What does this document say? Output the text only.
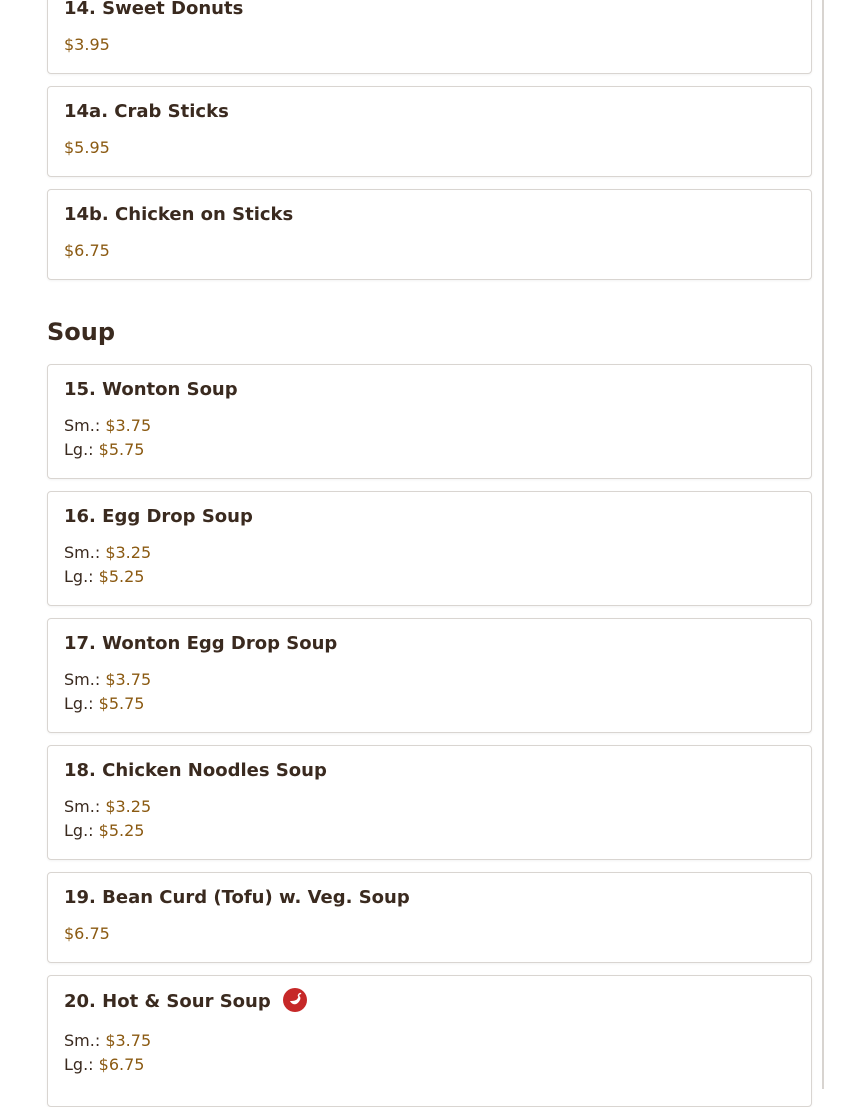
14. Sweet Donuts
$3.95
14a. Crab Sticks
$5.95
14b. Chicken on Sticks
$6.75
Soup
15. Wonton Soup
Sm.: $3.75
Lg.: $5.75
16. Egg Drop Soup
Sm.: $3.25
Lg.: $5.25
17. Wonton Egg Drop Soup
Sm.: $3.75
Lg.: $5.75
18. Chicken Noodles Soup
Sm.: $3.25
Lg.: $5.25
19. Bean Curd (Tofu) w. Veg. Soup
$6.75
20. Hot & Sour Soup
Sm.: $3.75
Lg.: $6.75
